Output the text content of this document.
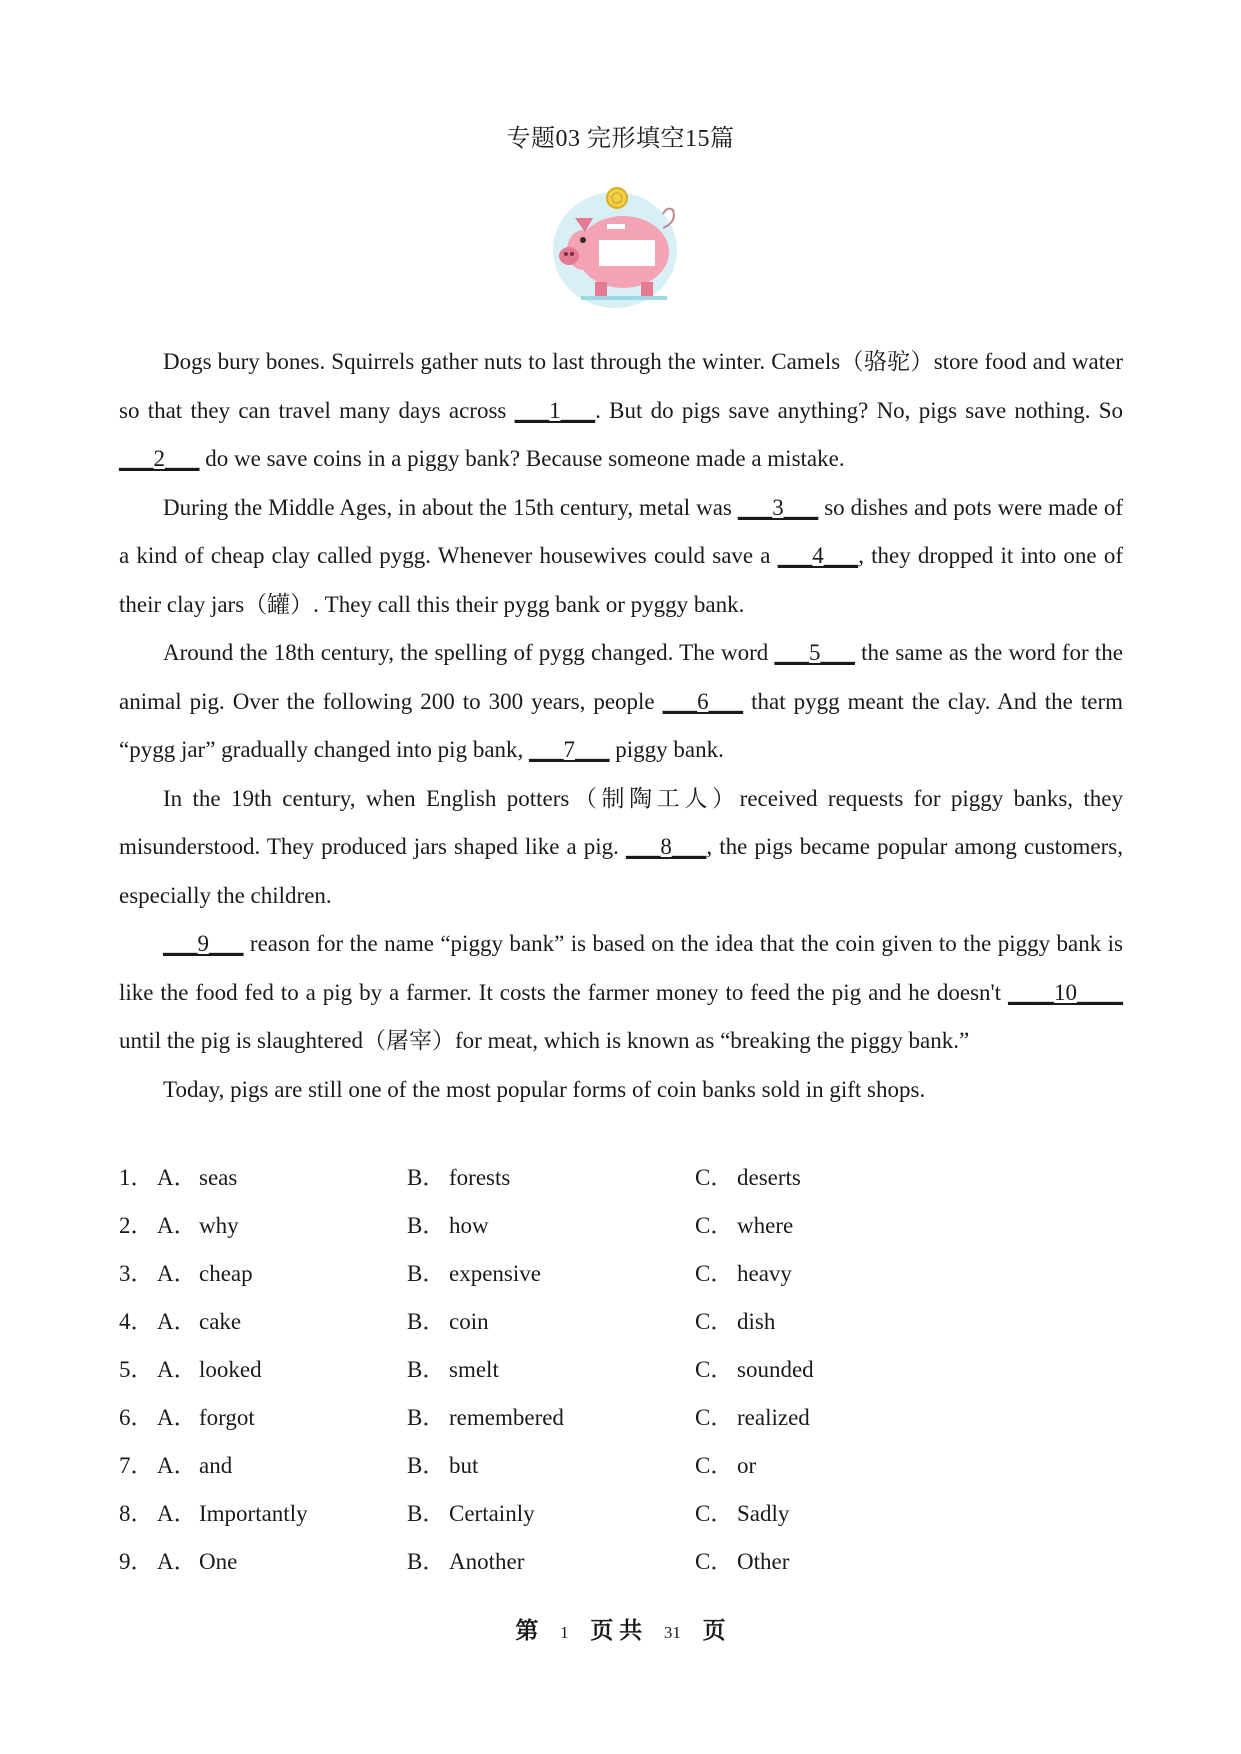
专题03 完形填空15篇

Dogs bury bones. Squirrels gather nuts to last through the winter. Camels（骆驼）store food and water so that they can travel many days across ___1___. But do pigs save anything? No, pigs save nothing. So ___2___ do we save coins in a piggy bank? Because someone made a mistake.

During the Middle Ages, in about the 15th century, metal was ___3___ so dishes and pots were made of a kind of cheap clay called pygg. Whenever housewives could save a ___4___, they dropped it into one of their clay jars（罐）. They call this their pygg bank or pyggy bank.

Around the 18th century, the spelling of pygg changed. The word ___5___ the same as the word for the animal pig. Over the following 200 to 300 years, people ___6___ that pygg meant the clay. And the term “pygg jar” gradually changed into pig bank, ___7___ piggy bank.

In the 19th century, when English potters（制陶工人）received requests for piggy banks, they misunderstood. They produced jars shaped like a pig. ___8___, the pigs became popular among customers, especially the children.

___9___ reason for the name “piggy bank” is based on the idea that the coin given to the piggy bank is like the food fed to a pig by a farmer. It costs the farmer money to feed the pig and he doesn't ____10____ until the pig is slaughtered（屠宰）for meat, which is known as “breaking the piggy bank.”

Today, pigs are still one of the most popular forms of coin banks sold in gift shops.

1． A． seas	B． forests	C． deserts
2． A． why	B． how	C． where
3． A． cheap	B． expensive	C． heavy
4． A． cake	B． coin	C． dish
5． A． looked	B． smelt	C． sounded
6． A． forgot	B． remembered	C． realized
7． A． and	B． but	C． or
8． A． Importantly	B． Certainly	C． Sadly
9． A． One	B． Another	C． Other
第 1 页 共 31 页
